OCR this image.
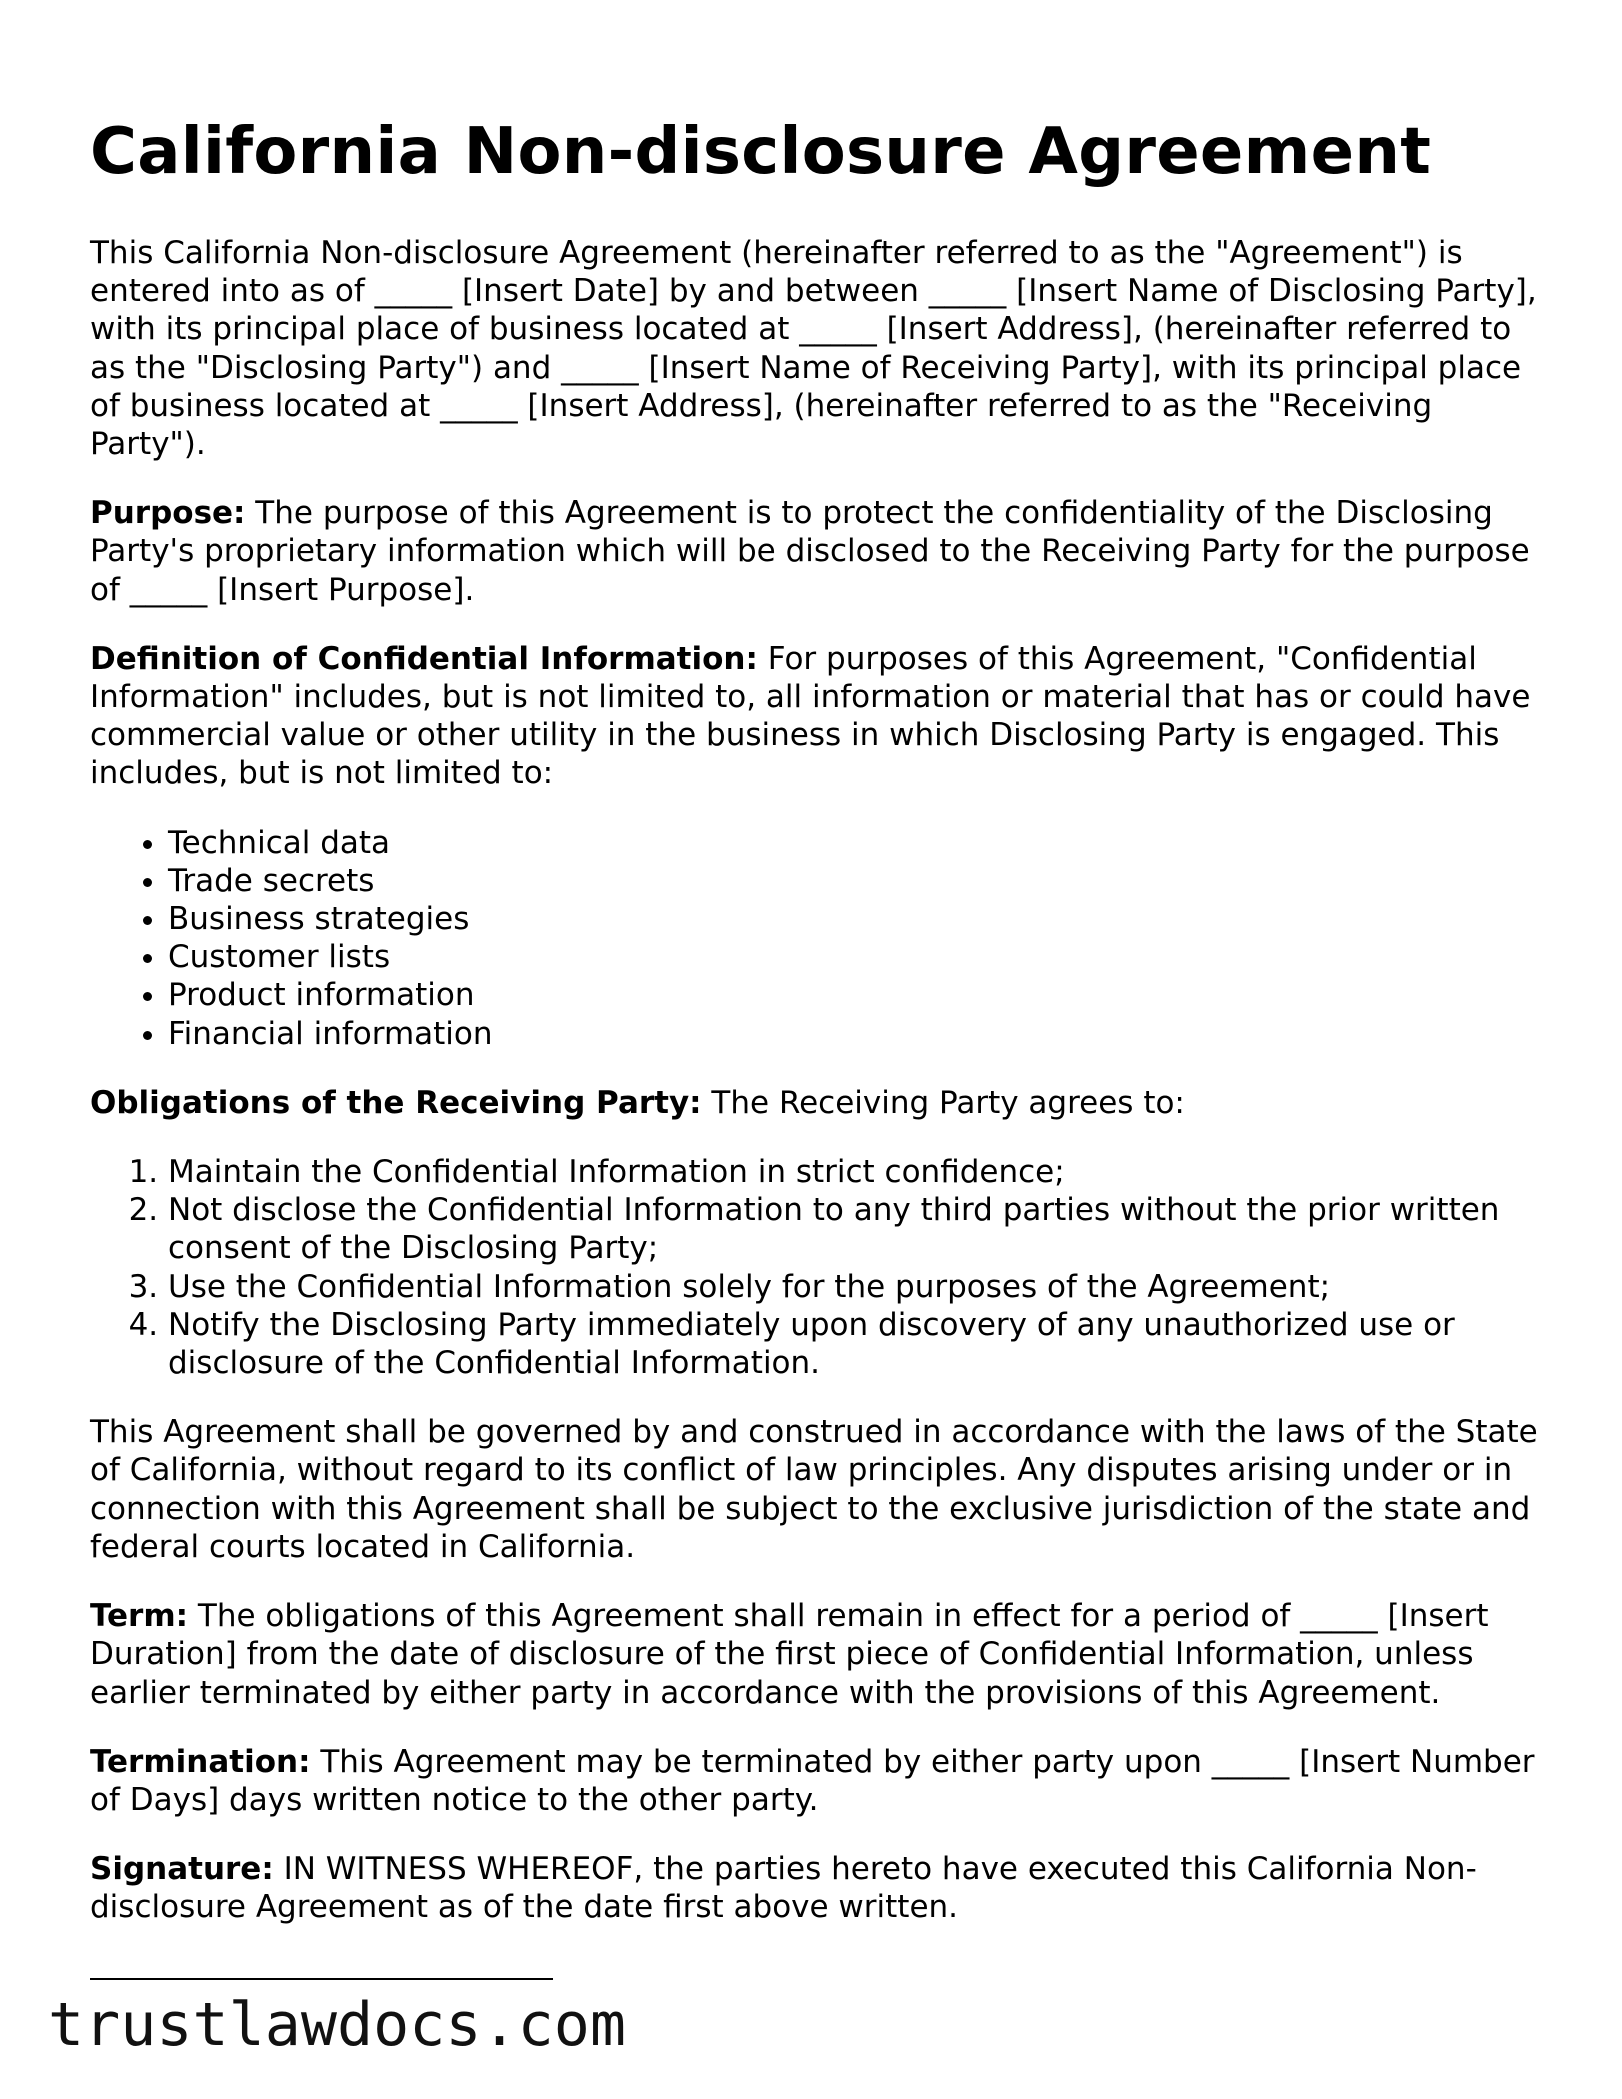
California Non-disclosure Agreement

This California Non-disclosure Agreement (hereinafter referred to as the "Agreement") is entered into as of _____ [Insert Date] by and between _____ [Insert Name of Disclosing Party], with its principal place of business located at _____ [Insert Address], (hereinafter referred to as the "Disclosing Party") and _____ [Insert Name of Receiving Party], with its principal place of business located at _____ [Insert Address], (hereinafter referred to as the "Receiving Party").

Purpose: The purpose of this Agreement is to protect the confidentiality of the Disclosing Party's proprietary information which will be disclosed to the Receiving Party for the purpose of _____ [Insert Purpose].

Definition of Confidential Information: For purposes of this Agreement, "Confidential Information" includes, but is not limited to, all information or material that has or could have commercial value or other utility in the business in which Disclosing Party is engaged. This includes, but is not limited to:

• Technical data
• Trade secrets
• Business strategies
• Customer lists
• Product information
• Financial information

Obligations of the Receiving Party: The Receiving Party agrees to:

1. Maintain the Confidential Information in strict confidence;
2. Not disclose the Confidential Information to any third parties without the prior written consent of the Disclosing Party;
3. Use the Confidential Information solely for the purposes of the Agreement;
4. Notify the Disclosing Party immediately upon discovery of any unauthorized use or disclosure of the Confidential Information.

This Agreement shall be governed by and construed in accordance with the laws of the State of California, without regard to its conflict of law principles. Any disputes arising under or in connection with this Agreement shall be subject to the exclusive jurisdiction of the state and federal courts located in California.

Term: The obligations of this Agreement shall remain in effect for a period of _____ [Insert Duration] from the date of disclosure of the first piece of Confidential Information, unless earlier terminated by either party in accordance with the provisions of this Agreement.

Termination: This Agreement may be terminated by either party upon _____ [Insert Number of Days] days written notice to the other party.

Signature: IN WITNESS WHEREOF, the parties hereto have executed this California Non-disclosure Agreement as of the date first above written.

trustlawdocs.com
